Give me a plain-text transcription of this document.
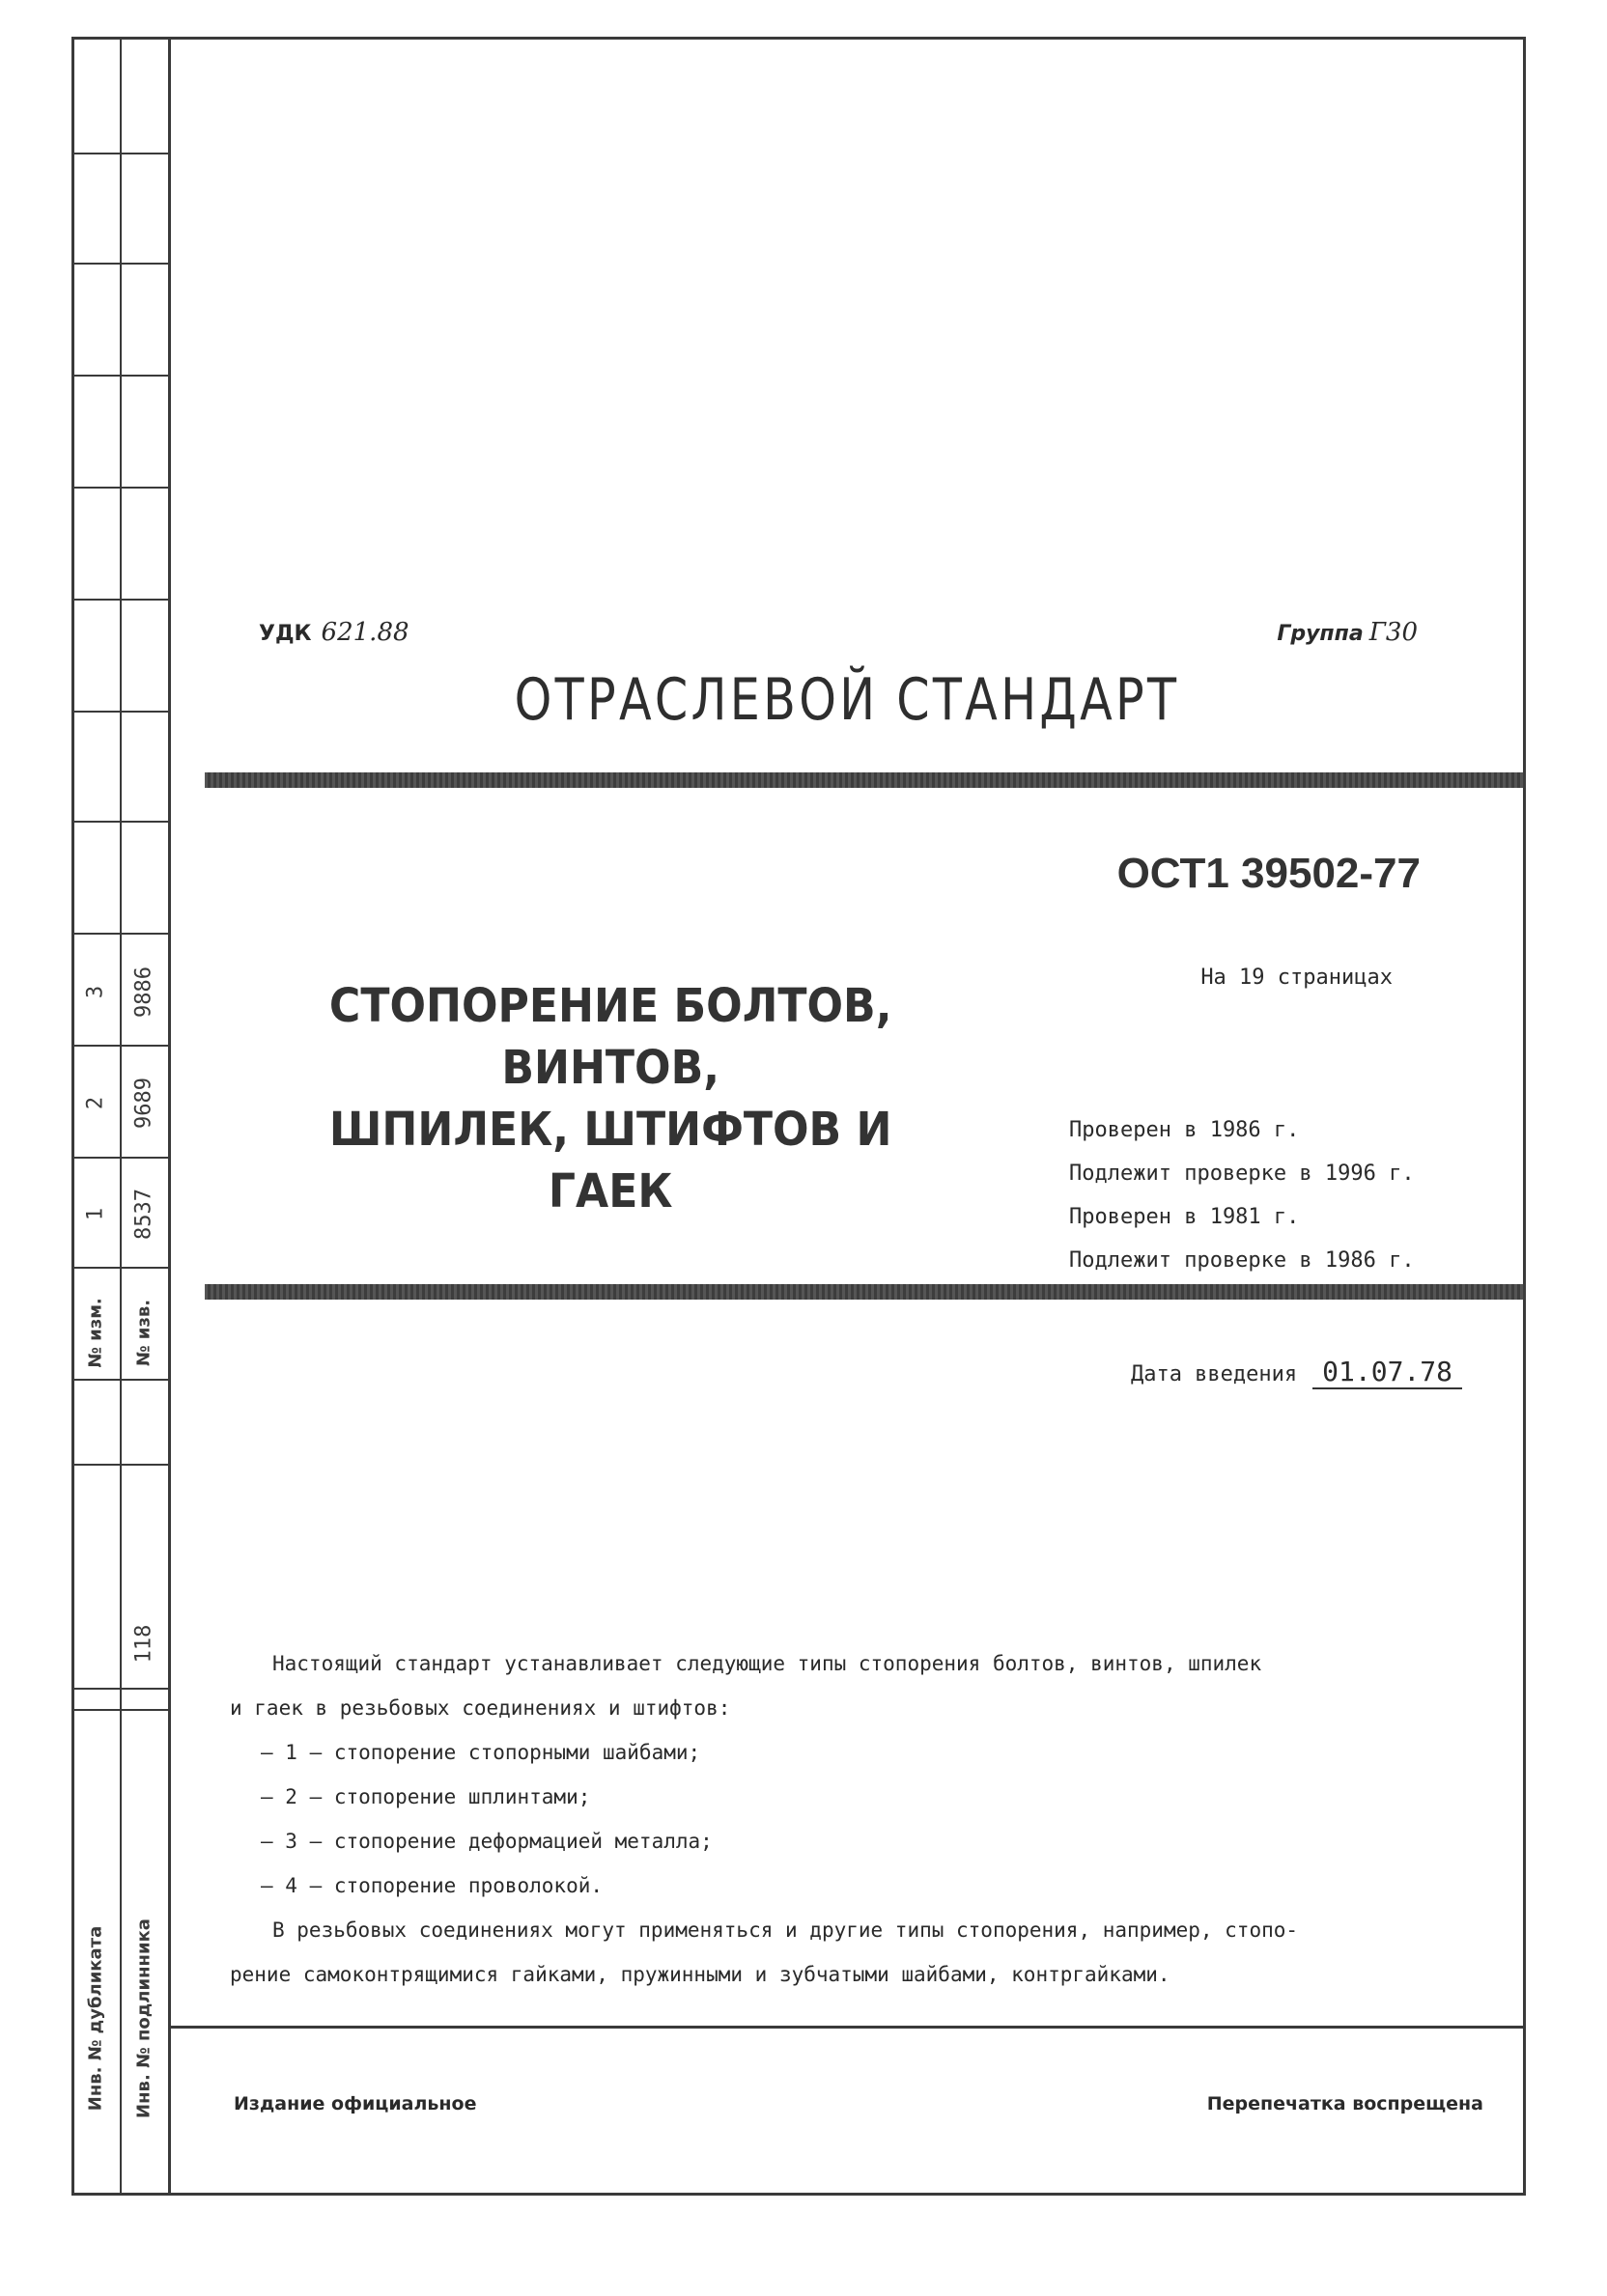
№ изм. № изв.
1 8537
2 9689
3 9886
118
Инв. № дубликата Инв. № подлинника
УДК 621.88	Группа Г30
ОТРАСЛЕВОЙ СТАНДАРТ
ОСТ1 39502-77
На 19 страницах
СТОПОРЕНИЕ БОЛТОВ, ВИНТОВ,
ШПИЛЕК, ШТИФТОВ И ГАЕК
Проверен в 1986 г.
Подлежит проверке в 1996 г.
Проверен в 1981 г.
Подлежит проверке в 1986 г.
Дата введения 01.07.78

Настоящий стандарт устанавливает следующие типы стопорения болтов, винтов, шпилек

и гаек в резьбовых соединениях и штифтов:

– 1 – стопорение стопорными шайбами;

– 2 – стопорение шплинтами;

– 3 – стопорение деформацией металла;

– 4 – стопорение проволокой.

В резьбовых соединениях могут применяться и другие типы стопорения, например, стопо-

рение самоконтрящимися гайками, пружинными и зубчатыми шайбами, контргайками.

Издание официальное	Перепечатка воспрещена
